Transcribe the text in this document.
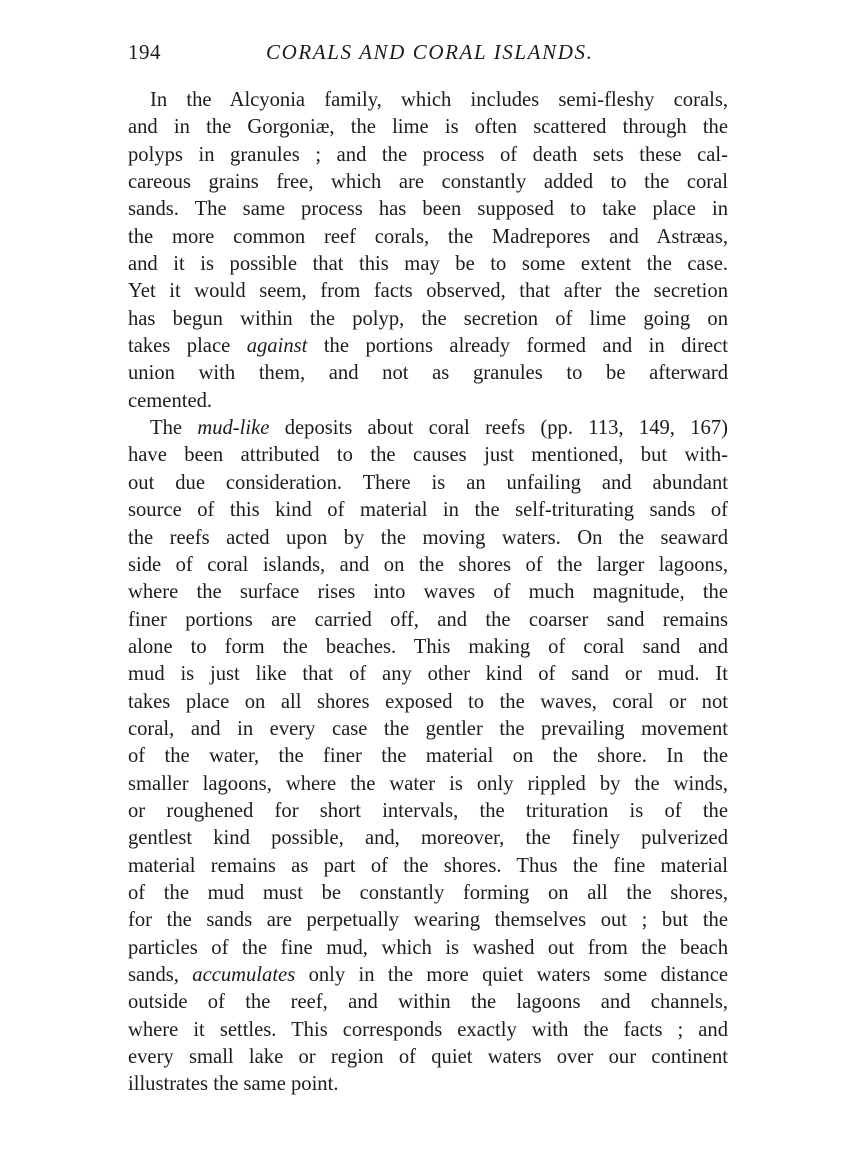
194	CORALS AND CORAL ISLANDS.
In the Alcyonia family, which includes semi-fleshy corals,
and in the Gorgoniæ, the lime is often scattered through the
polyps in granules ; and the process of death sets these cal-
careous grains free, which are constantly added to the coral
sands. The same process has been supposed to take place in
the more common reef corals, the Madrepores and Astræas,
and it is possible that this may be to some extent the case.
Yet it would seem, from facts observed, that after the secretion
has begun within the polyp, the secretion of lime going on
takes place against the portions already formed and in direct
union with them, and not as granules to be afterward
cemented.
The mud-like deposits about coral reefs (pp. 113, 149, 167)
have been attributed to the causes just mentioned, but with-
out due consideration. There is an unfailing and abundant
source of this kind of material in the self-triturating sands of
the reefs acted upon by the moving waters. On the seaward
side of coral islands, and on the shores of the larger lagoons,
where the surface rises into waves of much magnitude, the
finer portions are carried off, and the coarser sand remains
alone to form the beaches. This making of coral sand and
mud is just like that of any other kind of sand or mud. It
takes place on all shores exposed to the waves, coral or not
coral, and in every case the gentler the prevailing movement
of the water, the finer the material on the shore. In the
smaller lagoons, where the water is only rippled by the winds,
or roughened for short intervals, the trituration is of the
gentlest kind possible, and, moreover, the finely pulverized
material remains as part of the shores. Thus the fine material
of the mud must be constantly forming on all the shores,
for the sands are perpetually wearing themselves out ; but the
particles of the fine mud, which is washed out from the beach
sands, accumulates only in the more quiet waters some distance
outside of the reef, and within the lagoons and channels,
where it settles. This corresponds exactly with the facts ; and
every small lake or region of quiet waters over our continent
illustrates the same point.
